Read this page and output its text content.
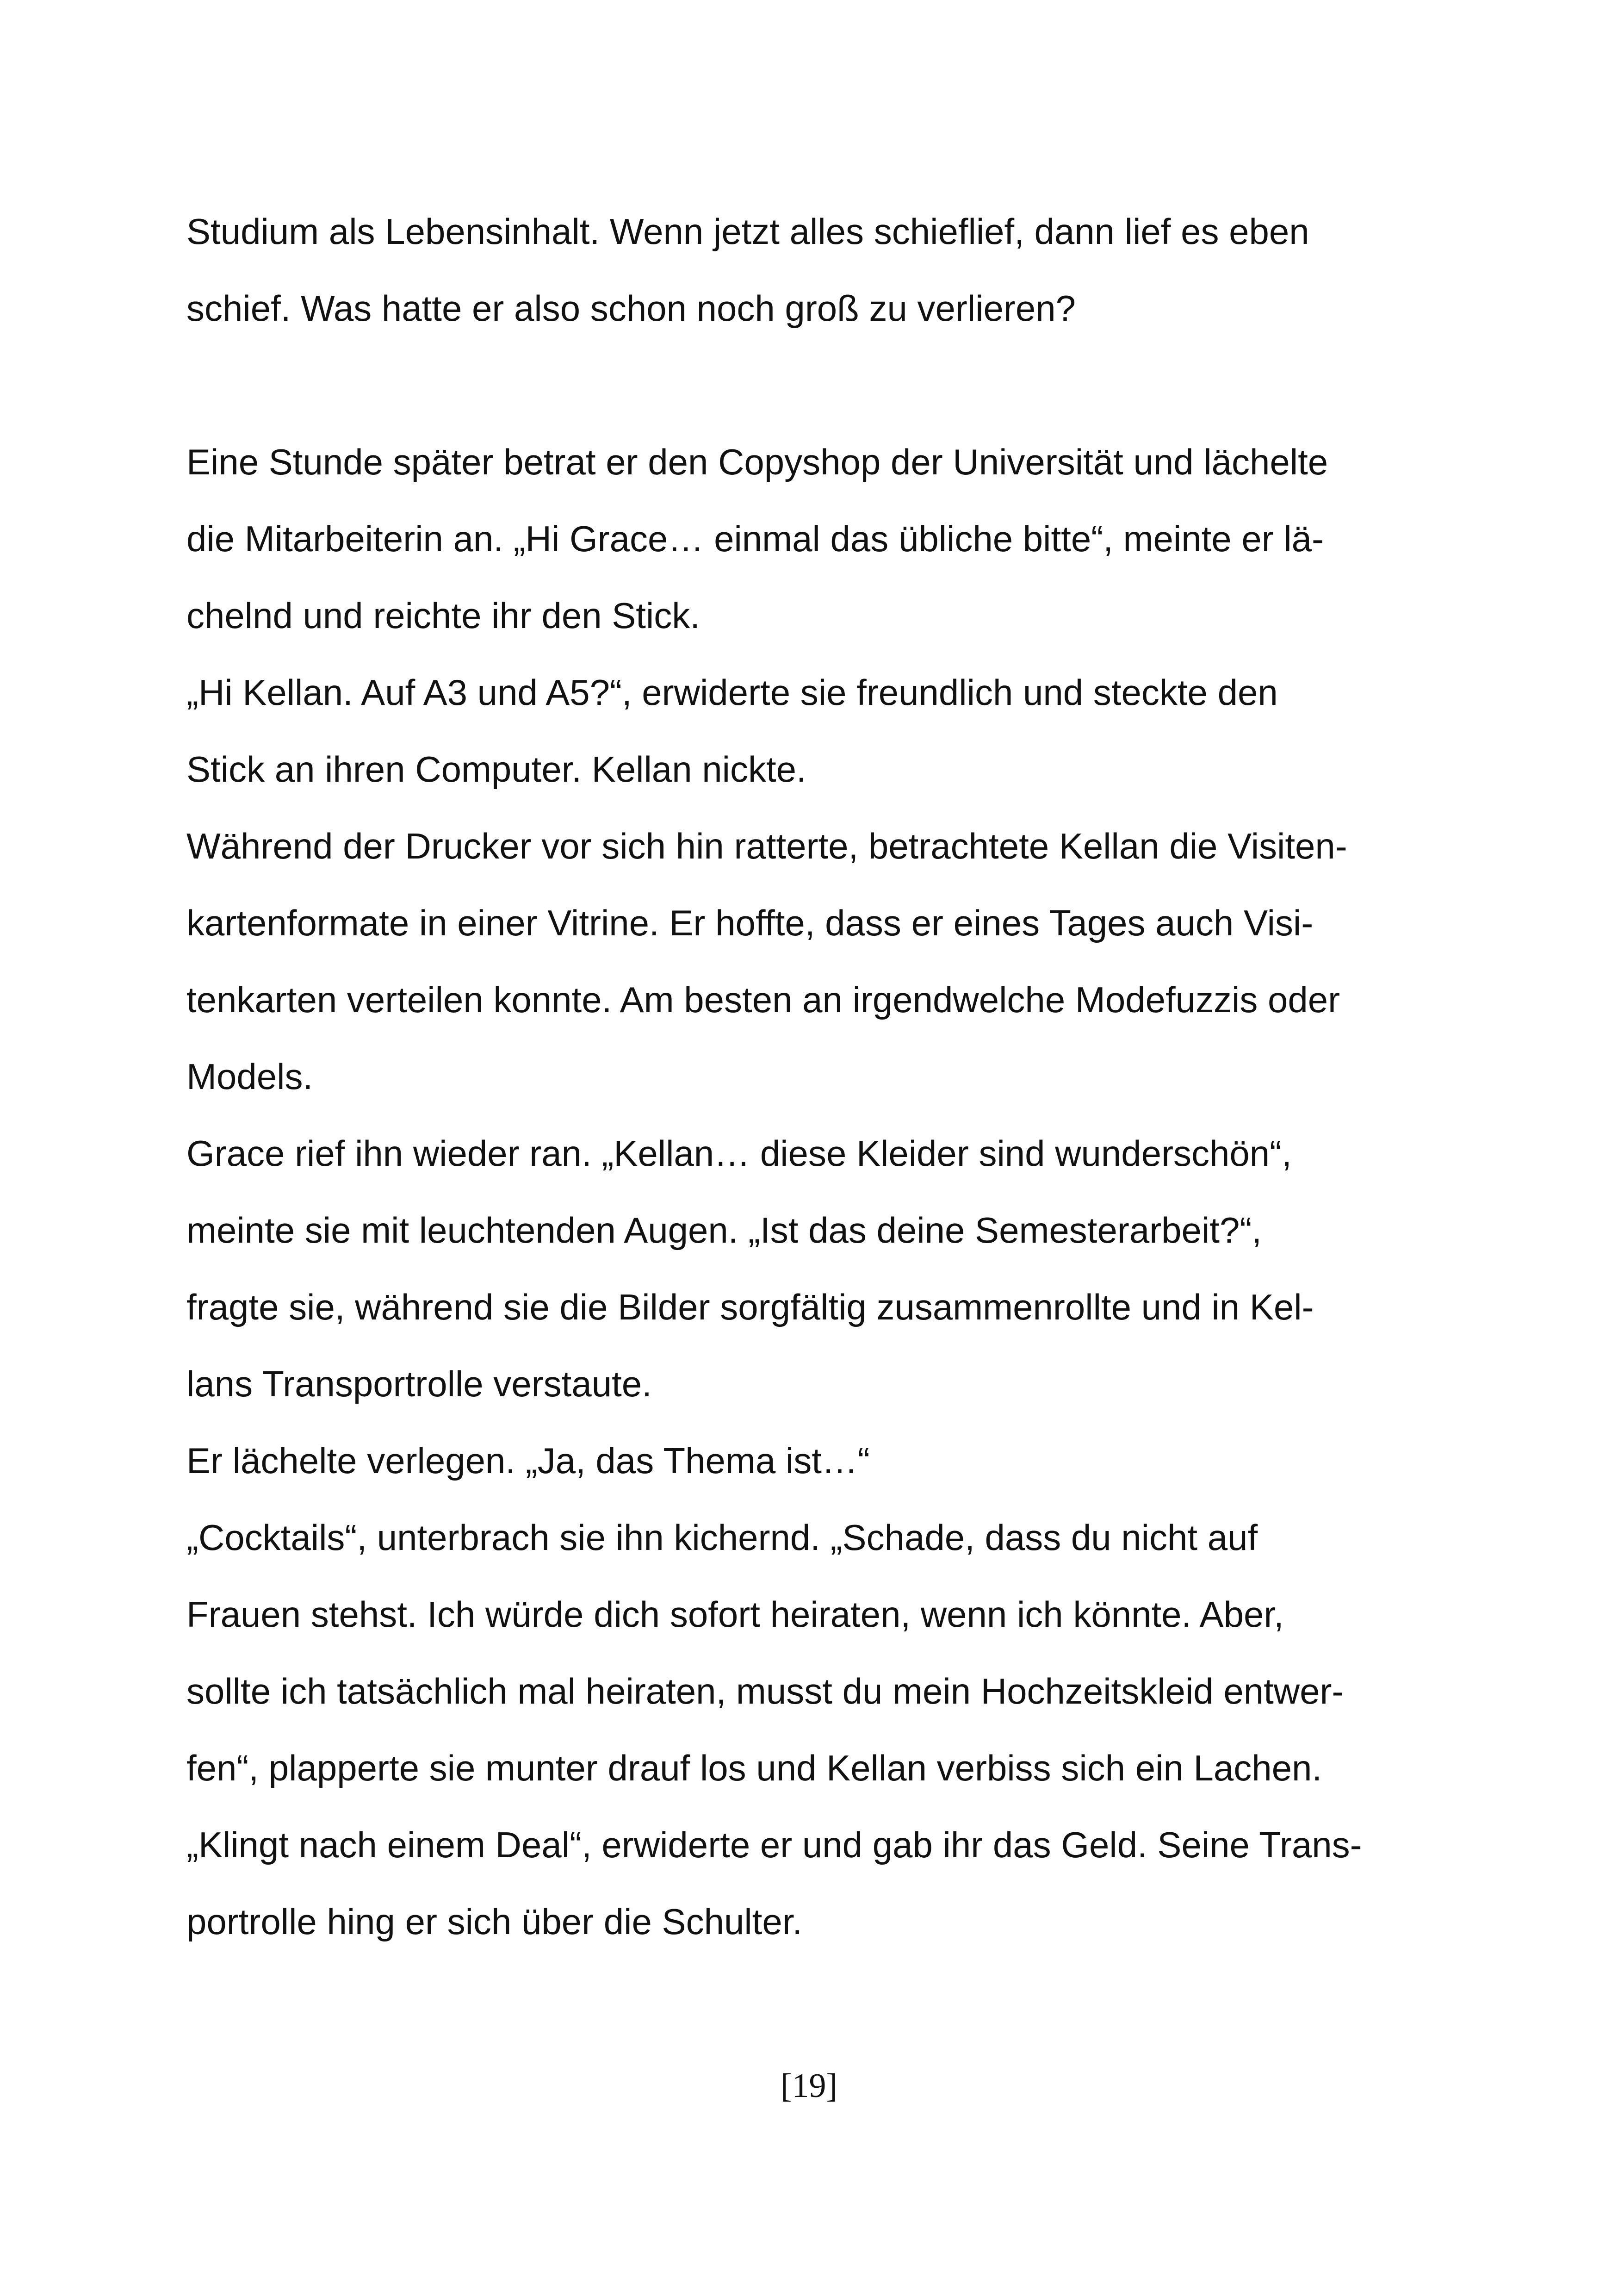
Studium als Lebensinhalt. Wenn jetzt alles schieflief, dann lief es eben
schief. Was hatte er also schon noch groß zu verlieren?
Eine Stunde später betrat er den Copyshop der Universität und lächelte
die Mitarbeiterin an. „Hi Grace… einmal das übliche bitte“, meinte er lä-
chelnd und reichte ihr den Stick.
„Hi Kellan. Auf A3 und A5?“, erwiderte sie freundlich und steckte den
Stick an ihren Computer. Kellan nickte.
Während der Drucker vor sich hin ratterte, betrachtete Kellan die Visiten-
kartenformate in einer Vitrine. Er hoffte, dass er eines Tages auch Visi-
tenkarten verteilen konnte. Am besten an irgendwelche Modefuzzis oder
Models.
Grace rief ihn wieder ran. „Kellan… diese Kleider sind wunderschön“,
meinte sie mit leuchtenden Augen. „Ist das deine Semesterarbeit?“,
fragte sie, während sie die Bilder sorgfältig zusammenrollte und in Kel-
lans Transportrolle verstaute.
Er lächelte verlegen. „Ja, das Thema ist…“
„Cocktails“, unterbrach sie ihn kichernd. „Schade, dass du nicht auf
Frauen stehst. Ich würde dich sofort heiraten, wenn ich könnte. Aber,
sollte ich tatsächlich mal heiraten, musst du mein Hochzeitskleid entwer-
fen“, plapperte sie munter drauf los und Kellan verbiss sich ein Lachen.
„Klingt nach einem Deal“, erwiderte er und gab ihr das Geld. Seine Trans-
portrolle hing er sich über die Schulter.
[19]
